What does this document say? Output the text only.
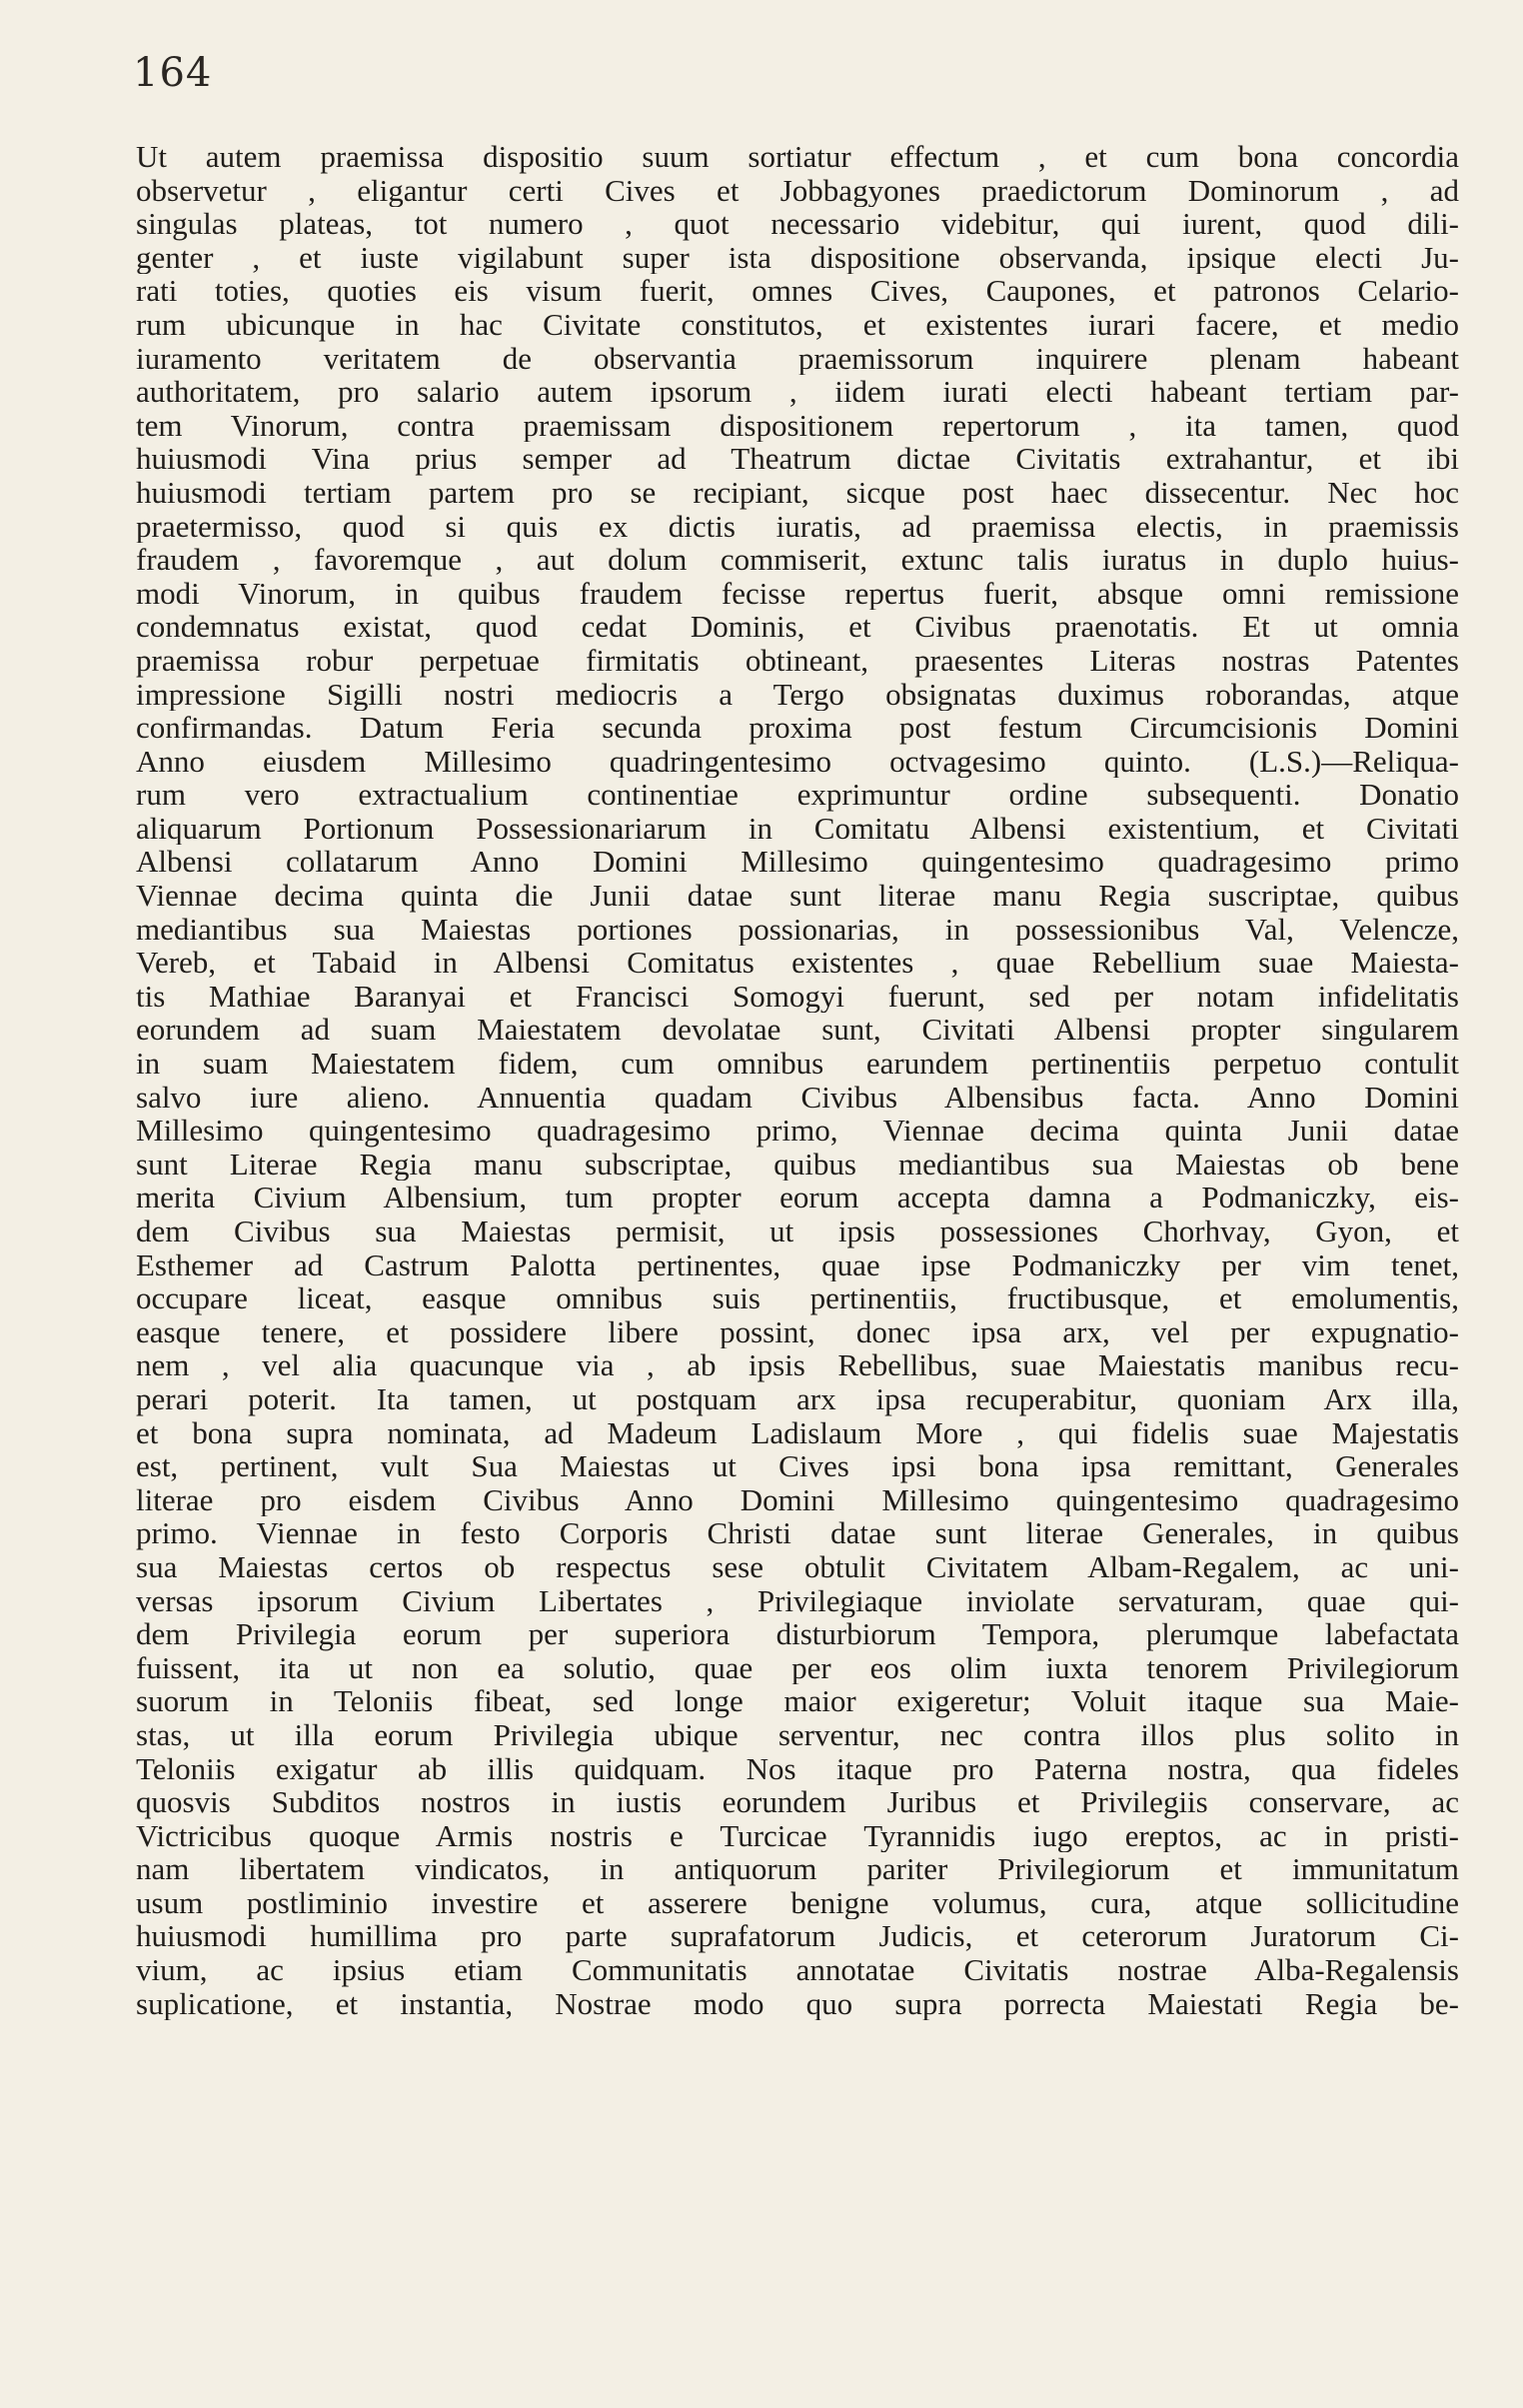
164
Ut autem praemissa dispositio suum sortiatur effectum , et cum bona concordia
observetur , eligantur certi Cives et Jobbagyones praedictorum Dominorum , ad
singulas plateas, tot numero , quot necessario videbitur, qui iurent, quod dili-
genter , et iuste vigilabunt super ista dispositione observanda, ipsique electi Ju-
rati toties, quoties eis visum fuerit, omnes Cives, Caupones, et patronos Celario-
rum ubicunque in hac Civitate constitutos, et existentes iurari facere, et medio
iuramento veritatem de observantia praemissorum inquirere plenam habeant
authoritatem, pro salario autem ipsorum , iidem iurati electi habeant tertiam par-
tem Vinorum, contra praemissam dispositionem repertorum , ita tamen, quod
huiusmodi Vina prius semper ad Theatrum dictae Civitatis extrahantur, et ibi
huiusmodi tertiam partem pro se recipiant, sicque post haec dissecentur. Nec hoc
praetermisso, quod si quis ex dictis iuratis, ad praemissa electis, in praemissis
fraudem , favoremque , aut dolum commiserit, extunc talis iuratus in duplo huius-
modi Vinorum, in quibus fraudem fecisse repertus fuerit, absque omni remissione
condemnatus existat, quod cedat Dominis, et Civibus praenotatis. Et ut omnia
praemissa robur perpetuae firmitatis obtineant, praesentes Literas nostras Patentes
impressione Sigilli nostri mediocris a Tergo obsignatas duximus roborandas, atque
confirmandas. Datum Feria secunda proxima post festum Circumcisionis Domini
Anno eiusdem Millesimo quadringentesimo octvagesimo quinto. (L.S.)—Reliqua-
rum vero extractualium continentiae exprimuntur ordine subsequenti. Donatio
aliquarum Portionum Possessionariarum in Comitatu Albensi existentium, et Civitati
Albensi collatarum Anno Domini Millesimo quingentesimo quadragesimo primo
Viennae decima quinta die Junii datae sunt literae manu Regia suscriptae, quibus
mediantibus sua Maiestas portiones possionarias, in possessionibus Val, Velencze,
Vereb, et Tabaid in Albensi Comitatus existentes , quae Rebellium suae Maiesta-
tis Mathiae Baranyai et Francisci Somogyi fuerunt, sed per notam infidelitatis
eorundem ad suam Maiestatem devolatae sunt, Civitati Albensi propter singularem
in suam Maiestatem fidem, cum omnibus earundem pertinentiis perpetuo contulit
salvo iure alieno. Annuentia quadam Civibus Albensibus facta. Anno Domini
Millesimo quingentesimo quadragesimo primo, Viennae decima quinta Junii datae
sunt Literae Regia manu subscriptae, quibus mediantibus sua Maiestas ob bene
merita Civium Albensium, tum propter eorum accepta damna a Podmaniczky, eis-
dem Civibus sua Maiestas permisit, ut ipsis possessiones Chorhvay, Gyon, et
Esthemer ad Castrum Palotta pertinentes, quae ipse Podmaniczky per vim tenet,
occupare liceat, easque omnibus suis pertinentiis, fructibusque, et emolumentis,
easque tenere, et possidere libere possint, donec ipsa arx, vel per expugnatio-
nem , vel alia quacunque via , ab ipsis Rebellibus, suae Maiestatis manibus recu-
perari poterit. Ita tamen, ut postquam arx ipsa recuperabitur, quoniam Arx illa,
et bona supra nominata, ad Madeum Ladislaum More , qui fidelis suae Majestatis
est, pertinent, vult Sua Maiestas ut Cives ipsi bona ipsa remittant, Generales
literae pro eisdem Civibus Anno Domini Millesimo quingentesimo quadragesimo
primo. Viennae in festo Corporis Christi datae sunt literae Generales, in quibus
sua Maiestas certos ob respectus sese obtulit Civitatem Albam-Regalem, ac uni-
versas ipsorum Civium Libertates , Privilegiaque inviolate servaturam, quae qui-
dem Privilegia eorum per superiora disturbiorum Tempora, plerumque labefactata
fuissent, ita ut non ea solutio, quae per eos olim iuxta tenorem Privilegiorum
suorum in Teloniis fibeat, sed longe maior exigeretur; Voluit itaque sua Maie-
stas, ut illa eorum Privilegia ubique serventur, nec contra illos plus solito in
Teloniis exigatur ab illis quidquam. Nos itaque pro Paterna nostra, qua fideles
quosvis Subditos nostros in iustis eorundem Juribus et Privilegiis conservare, ac
Victricibus quoque Armis nostris e Turcicae Tyrannidis iugo ereptos, ac in pristi-
nam libertatem vindicatos, in antiquorum pariter Privilegiorum et immunitatum
usum postliminio investire et asserere benigne volumus, cura, atque sollicitudine
huiusmodi humillima pro parte suprafatorum Judicis, et ceterorum Juratorum Ci-
vium, ac ipsius etiam Communitatis annotatae Civitatis nostrae Alba-Regalensis
suplicatione, et instantia, Nostrae modo quo supra porrecta Maiestati Regia be-
